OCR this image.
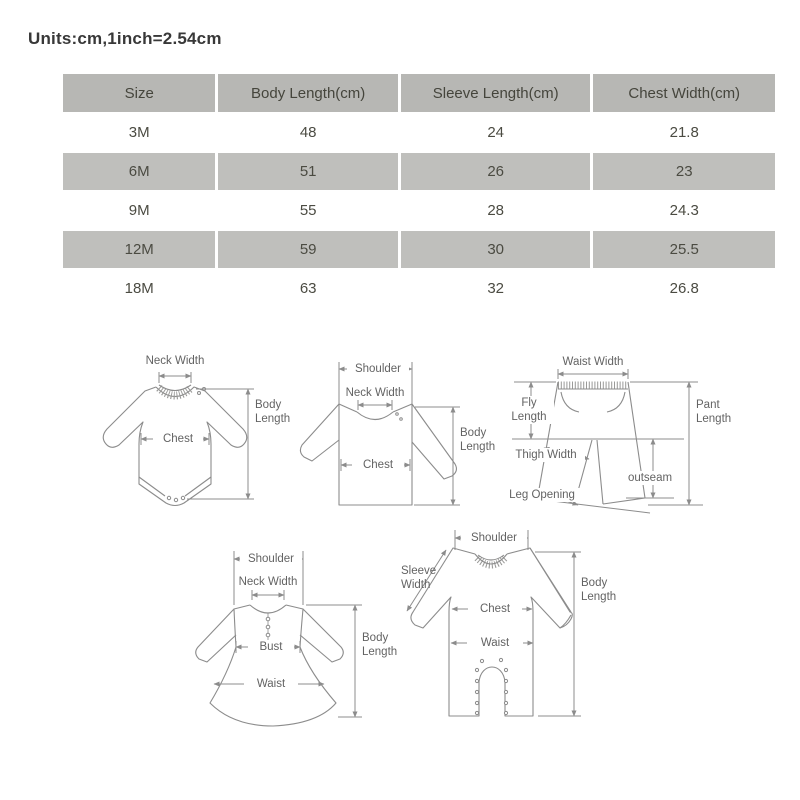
Units:cm,1inch=2.54cm
Size	Body Length(cm)	Sleeve Length(cm)	Chest Width(cm)
3M	48	24	21.8
6M	51	26	23
9M	55	28	24.3
12M	59	30	25.5
18M	63	32	26.8
Neck Width
Chest
Body Length
Shoulder
Neck Width
Chest
Body Length
Waist Width
Fly Length
Thigh Width
Leg Opening
outseam
Pant Length
Shoulder
Neck Width
Bust
Waist
Body Length
Shoulder
Sleeve Width
Chest
Waist
Body Length
